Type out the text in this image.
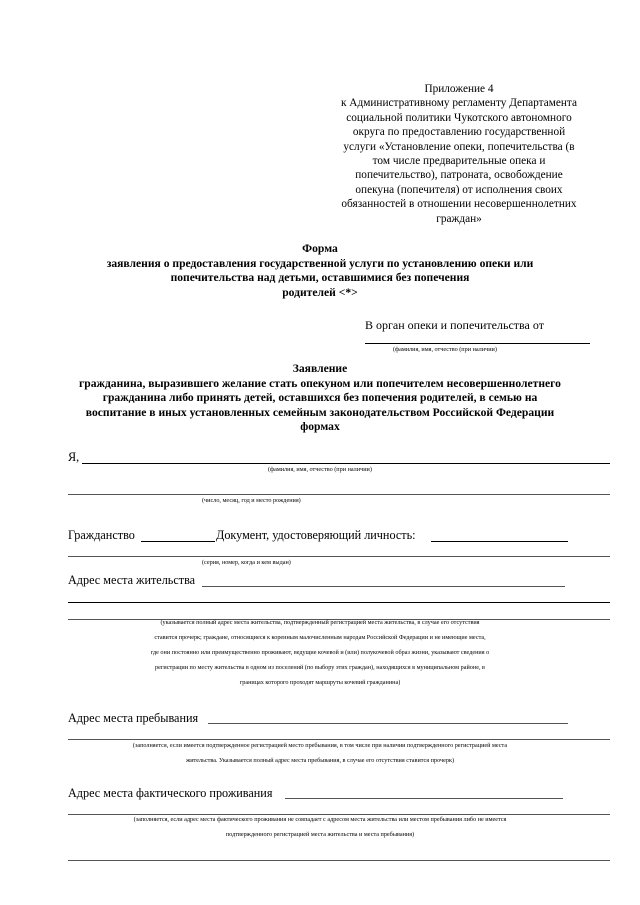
Приложение 4
к Административному регламенту Департамента
социальной политики Чукотского автономного
округа по предоставлению государственной
услуги «Установление опеки, попечительства (в
том числе предварительные опека и
попечительство), патроната, освобождение
опекуна (попечителя) от исполнения своих
обязанностей в отношении несовершеннолетних
граждан»
Форма
заявления о предоставления государственной услуги по установлению опеки или
попечительства над детьми, оставшимися без попечения
родителей <*>
В орган опеки и попечительства от
(фамилия, имя, отчество (при наличии)
Заявление
гражданина, выразившего желание стать опекуном или попечителем несовершеннолетнего
гражданина либо принять детей, оставшихся без попечения родителей, в семью на
воспитание в иных установленных семейным законодательством Российской Федерации
формах
Я,
(фамилия, имя, отчество (при наличии)
(число, месяц, год и место рождения)
Гражданство	Документ, удостоверяющий личность:
(серия, номер, когда и кем выдан)
Адрес места жительства
(указывается полный адрес места жительства, подтвержденный регистрацией места жительства, в случае его отсутствия
ставится прочерк; граждане, относящиеся к коренным малочисленным народам Российской Федерации и не имеющие места,
где они постоянно или преимущественно проживают, ведущие кочевой и (или) полукочевой образ жизни, указывают сведения о
регистрации по месту жительства в одном из поселений (по выбору этих граждан), находящихся в муниципальном районе, в
границах которого проходят маршруты кочевий гражданина)
Адрес места пребывания
(заполняется, если имеется подтвержденное регистрацией место пребывания, в том числе при наличии подтвержденного регистрацией места
жительства. Указывается полный адрес места пребывания, в случае его отсутствия ставится прочерк)
Адрес места фактического проживания
(заполняется, если адрес места фактического проживания не совпадает с адресом места жительства или местом пребывания либо не имеется
подтвержденного регистрацией места жительства и места пребывания)
